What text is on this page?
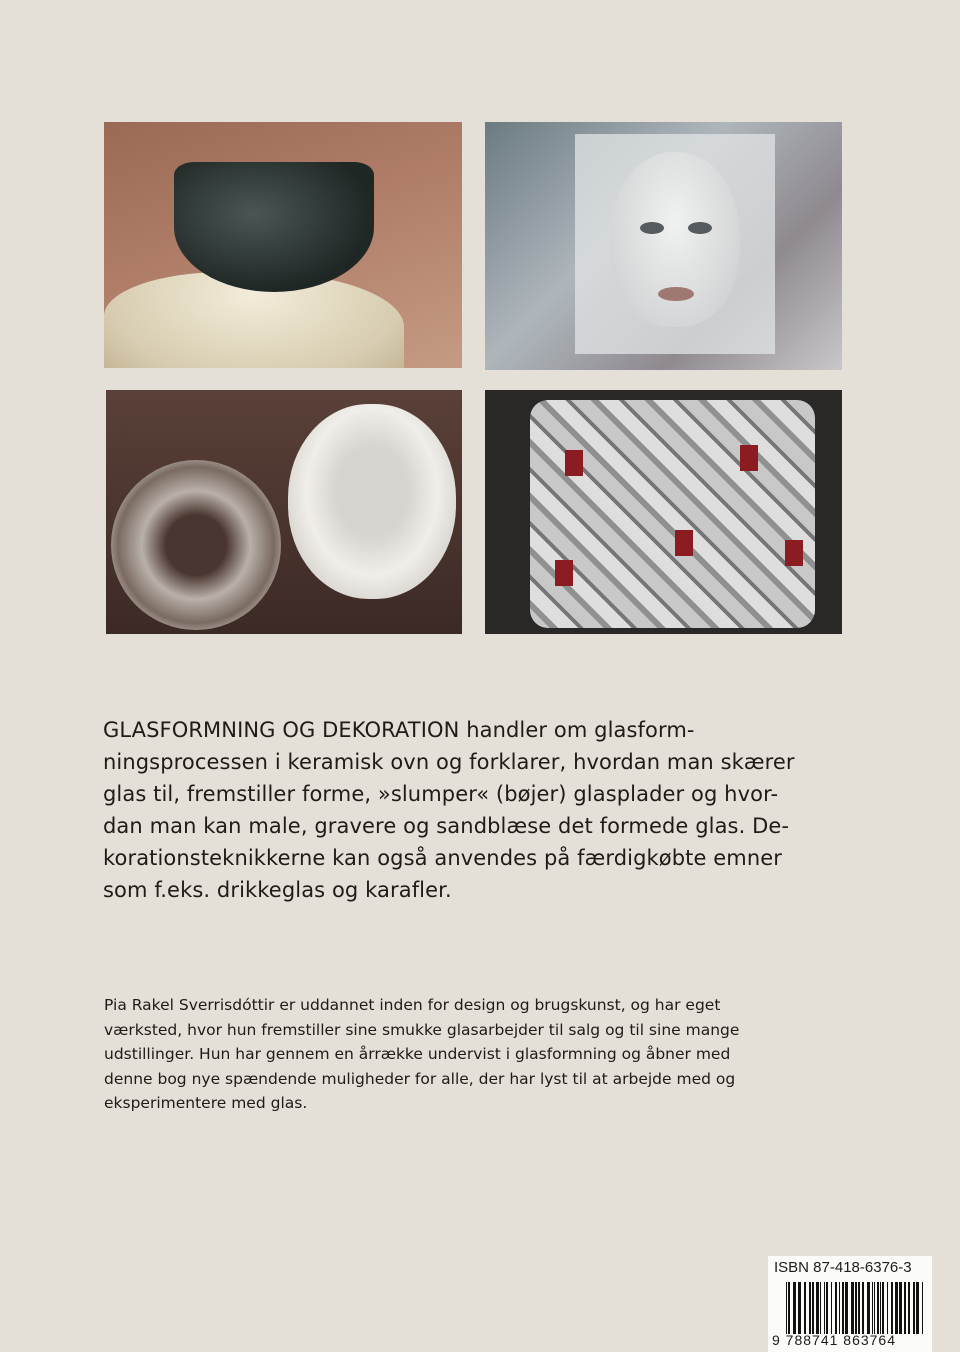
GLASFORMNING OG DEKORATION handler om glasform-
ningsprocessen i keramisk ovn og forklarer, hvordan man skærer
glas til, fremstiller forme, »slumper« (bøjer) glasplader og hvor-
dan man kan male, gravere og sandblæse det formede glas. De-
korationsteknikkerne kan også anvendes på færdigkøbte emner
som f.eks. drikkeglas og karafler.
Pia Rakel Sverrisdóttir er uddannet inden for design og brugskunst, og har eget
værksted, hvor hun fremstiller sine smukke glasarbejder til salg og til sine mange
udstillinger. Hun har gennem en årrække undervist i glasformning og åbner med
denne bog nye spændende muligheder for alle, der har lyst til at arbejde med og
eksperimentere med glas.
ISBN 87-418-6376-3
9 788741 863764
